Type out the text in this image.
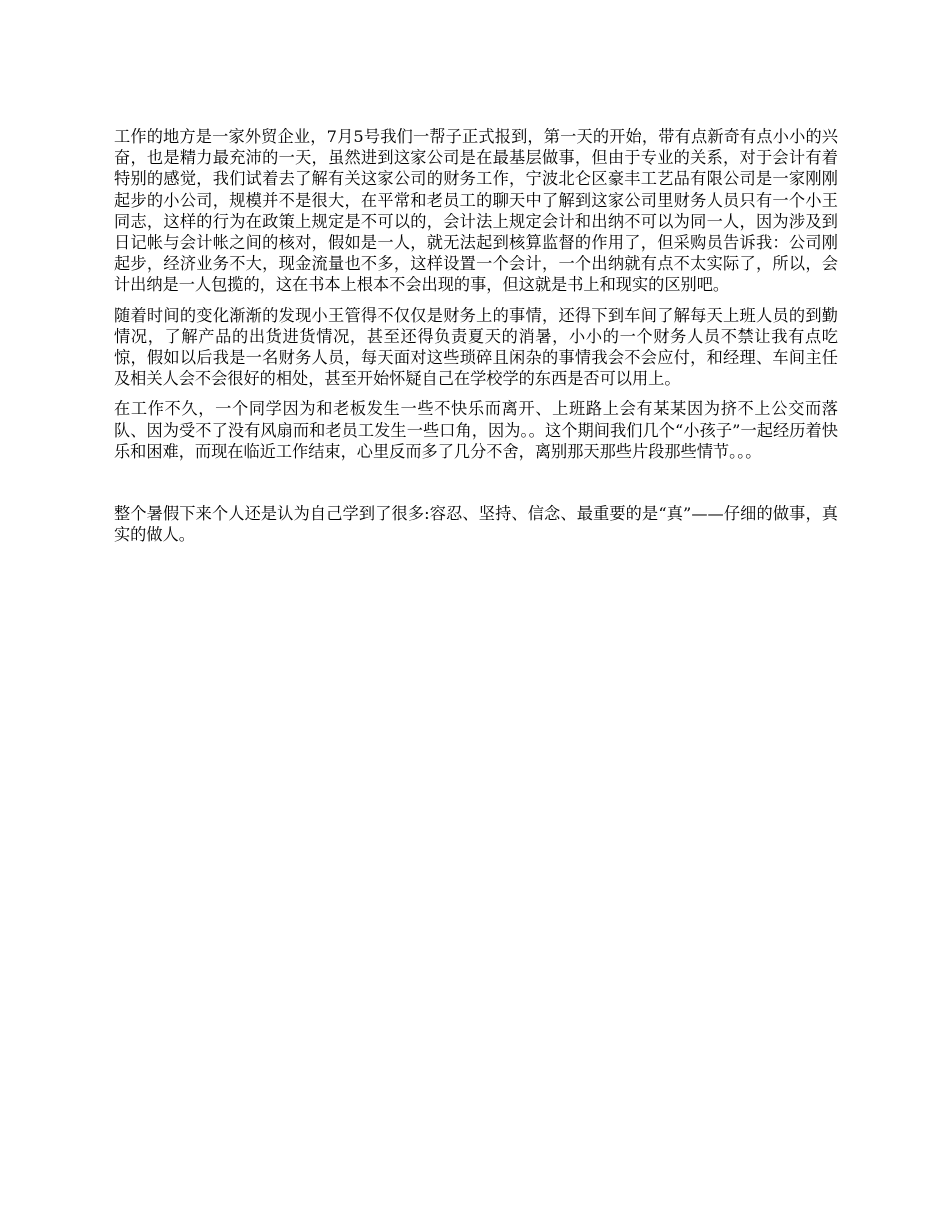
工作的地方是一家外贸企业，7月5号我们一帮子正式报到，第一天的开始，带有点新奇有点小小的兴奋，也是精力最充沛的一天，虽然进到这家公司是在最基层做事，但由于专业的关系，对于会计有着特别的感觉，我们试着去了解有关这家公司的财务工作，宁波北仑区豪丰工艺品有限公司是一家刚刚起步的小公司，规模并不是很大，在平常和老员工的聊天中了解到这家公司里财务人员只有一个小王同志，这样的行为在政策上规定是不可以的，会计法上规定会计和出纳不可以为同一人，因为涉及到日记帐与会计帐之间的核对，假如是一人，就无法起到核算监督的作用了，但采购员告诉我：公司刚起步，经济业务不大，现金流量也不多，这样设置一个会计，一个出纳就有点不太实际了，所以，会计出纳是一人包揽的，这在书本上根本不会出现的事，但这就是书上和现实的区别吧。

随着时间的变化渐渐的发现小王管得不仅仅是财务上的事情，还得下到车间了解每天上班人员的到勤情况，了解产品的出货进货情况，甚至还得负责夏天的消暑，小小的一个财务人员不禁让我有点吃惊，假如以后我是一名财务人员，每天面对这些琐碎且闲杂的事情我会不会应付，和经理、车间主任及相关人会不会很好的相处，甚至开始怀疑自己在学校学的东西是否可以用上。

在工作不久，一个同学因为和老板发生一些不快乐而离开、上班路上会有某某因为挤不上公交而落队、因为受不了没有风扇而和老员工发生一些口角，因为。。这个期间我们几个“小孩子”一起经历着快乐和困难，而现在临近工作结束，心里反而多了几分不舍，离别那天那些片段那些情节。。。

整个暑假下来个人还是认为自己学到了很多:容忍、坚持、信念、最重要的是“真”——仔细的做事，真实的做人。
